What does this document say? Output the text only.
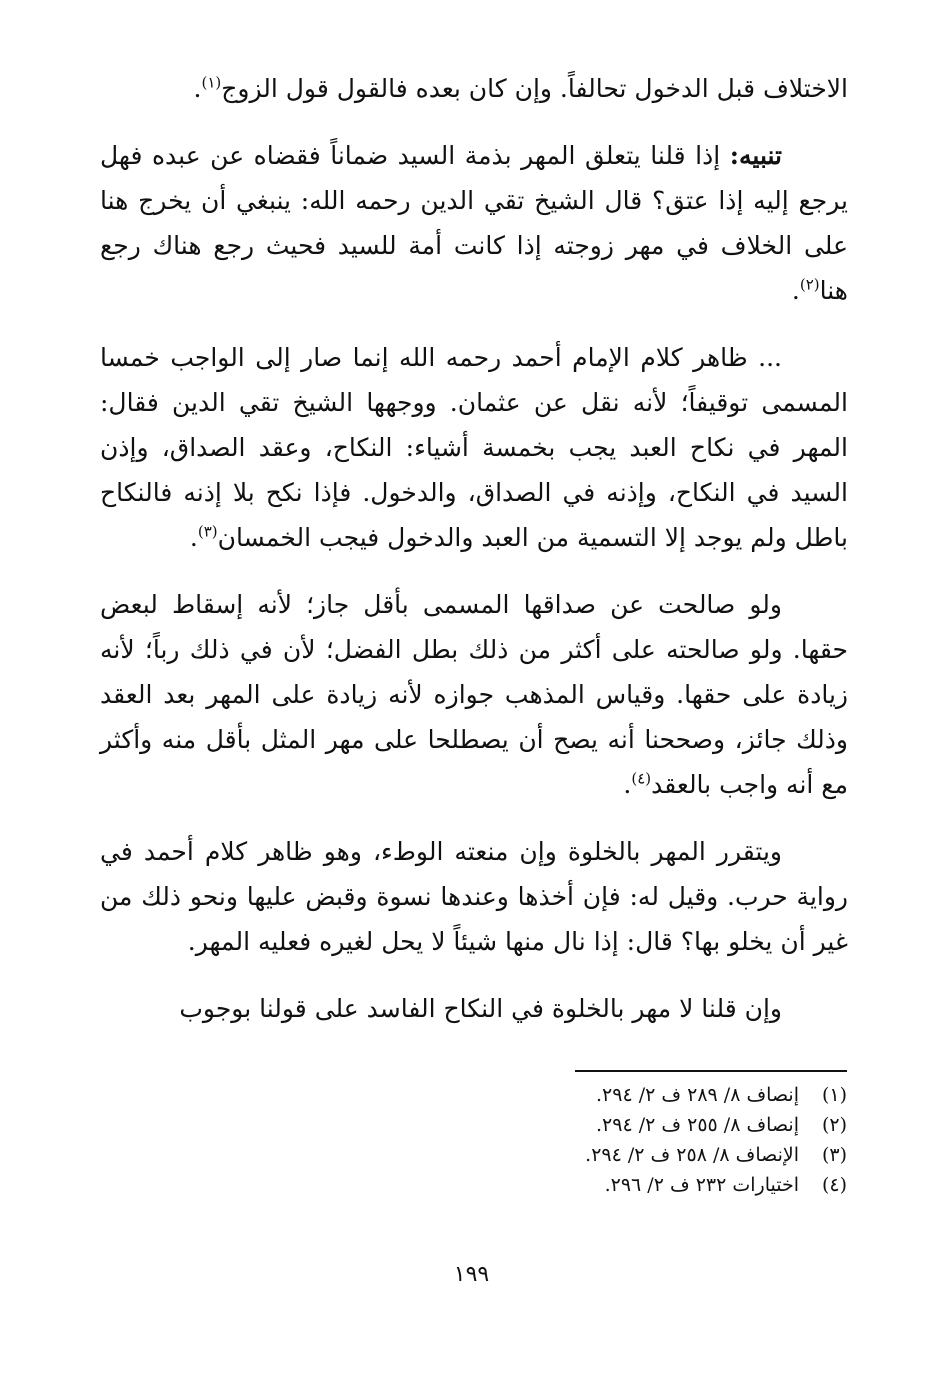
الاختلاف قبل الدخول تحالفاً. وإن كان بعده فالقول قول الزوج$^{(١)}$.

تنبيه: إذا قلنا يتعلق المهر بذمة السيد ضماناً فقضاه عن عبده فهل يرجع إليه إذا عتق؟ قال الشيخ تقي الدين رحمه الله: ينبغي أن يخرج هنا على الخلاف في مهر زوجته إذا كانت أمة للسيد فحيث رجع هناك رجع هنا$^{(٢)}$.

... ظاهر كلام الإمام أحمد رحمه الله إنما صار إلى الواجب خمسا المسمى توقيفاً؛ لأنه نقل عن عثمان. ووجهها الشيخ تقي الدين فقال: المهر في نكاح العبد يجب بخمسة أشياء: النكاح، وعقد الصداق، وإذن السيد في النكاح، وإذنه في الصداق، والدخول. فإذا نكح بلا إذنه فالنكاح باطل ولم يوجد إلا التسمية من العبد والدخول فيجب الخمسان$^{(٣)}$.

ولو صالحت عن صداقها المسمى بأقل جاز؛ لأنه إسقاط لبعض حقها. ولو صالحته على أكثر من ذلك بطل الفضل؛ لأن في ذلك رباً؛ لأنه زيادة على حقها. وقياس المذهب جوازه لأنه زيادة على المهر بعد العقد وذلك جائز، وصححنا أنه يصح أن يصطلحا على مهر المثل بأقل منه وأكثر مع أنه واجب بالعقد$^{(٤)}$.

ويتقرر المهر بالخلوة وإن منعته الوطء، وهو ظاهر كلام أحمد في رواية حرب. وقيل له: فإن أخذها وعندها نسوة وقبض عليها ونحو ذلك من غير أن يخلو بها؟ قال: إذا نال منها شيئاً لا يحل لغيره فعليه المهر.

وإن قلنا لا مهر بالخلوة في النكاح الفاسد على قولنا بوجوب

(١)إنصاف ٨/ ٢٨٩ ف ٢/ ٢٩٤.
(٢)إنصاف ٨/ ٢٥٥ ف ٢/ ٢٩٤.
(٣)الإنصاف ٨/ ٢٥٨ ف ٢/ ٢٩٤.
(٤)اختيارات ٢٣٢ ف ٢/ ٢٩٦.
١٩٩
